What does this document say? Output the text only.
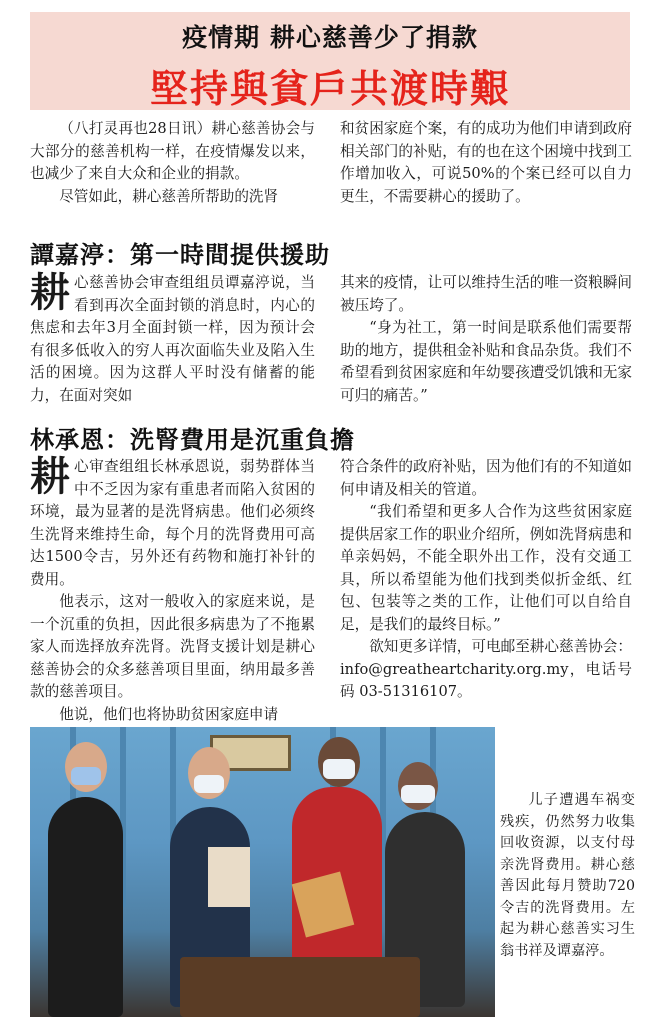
疫情期 耕心慈善少了捐款
堅持與貧戶共渡時艱

（八打灵再也28日讯）耕心慈善协会与大部分的慈善机构一样，在疫情爆发以来，也减少了来自大众和企业的捐款。

尽管如此，耕心慈善所帮助的洗肾

和贫困家庭个案，有的成功为他们申请到政府相关部门的补贴，有的也在这个困境中找到工作增加收入，可说50%的个案已经可以自力更生，不需要耕心的援助了。

譚嘉渟：第一時間提供援助

耕心慈善协会审查组组员谭嘉渟说，当看到再次全面封锁的消息时，内心的焦虑和去年3月全面封锁一样，因为预计会有很多低收入的穷人再次面临失业及陷入生活的困境。因为这群人平时没有储蓄的能力，在面对突如

其来的疫情，让可以维持生活的唯一资粮瞬间被压垮了。

“身为社工，第一时间是联系他们需要帮助的地方，提供租金补贴和食品杂货。我们不希望看到贫困家庭和年幼婴孩遭受饥饿和无家可归的痛苦。”

林承恩：洗腎費用是沉重負擔

耕心审查组组长林承恩说，弱势群体当中不乏因为家有重患者而陷入贫困的环境，最为显著的是洗肾病患。他们必须终生洗肾来维持生命，每个月的洗肾费用可高达1500令吉，另外还有药物和施打补针的费用。

他表示，这对一般收入的家庭来说，是一个沉重的负担，因此很多病患为了不拖累家人而选择放弃洗肾。洗肾支援计划是耕心慈善协会的众多慈善项目里面，纳用最多善款的慈善项目。

他说，他们也将协助贫困家庭申请

符合条件的政府补贴，因为他们有的不知道如何申请及相关的管道。

“我们希望和更多人合作为这些贫困家庭提供居家工作的职业介绍所，例如洗肾病患和单亲妈妈，不能全职外出工作，没有交通工具，所以希望能为他们找到类似折金纸、红包、包装等之类的工作，让他们可以自给自足，是我们的最终目标。”

欲知更多详情，可电邮至耕心慈善协会：info@greatheartcharity.org.my，电话号码 03-51316107。

儿子遭遇车祸变残疾，仍然努力收集回收资源，以支付母亲洗肾费用。耕心慈善因此每月赞助720令吉的洗肾费用。左起为耕心慈善实习生翁书祥及谭嘉渟。
